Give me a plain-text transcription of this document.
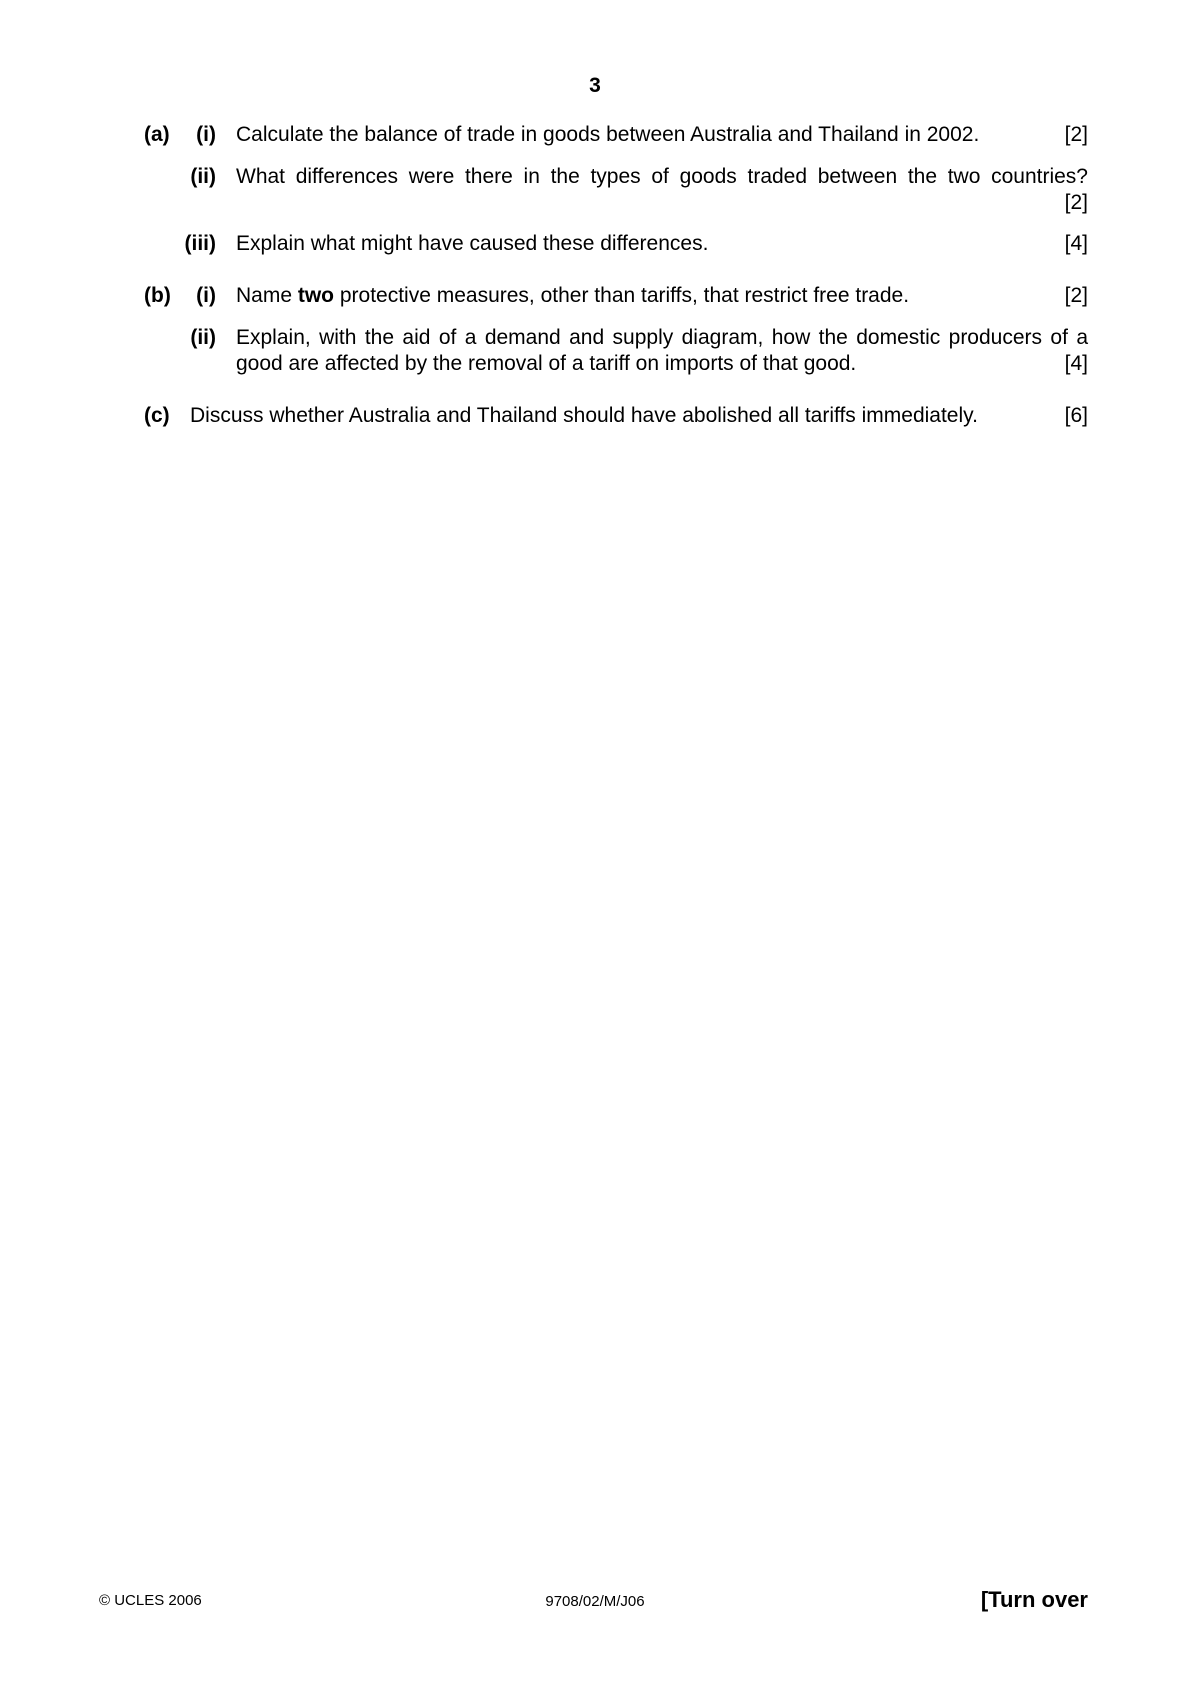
3
(a)	(i) Calculate the balance of trade in goods between Australia and Thailand in 2002.	[2]
(ii) What differences were there in the types of goods traded between the two countries?
[2]
(iii) Explain what might have caused these differences.	[4]
(b)	(i) Name two protective measures, other than tariffs, that restrict free trade.	[2]
(ii) Explain, with the aid of a demand and supply diagram, how the domestic producers of a
good are affected by the removal of a tariff on imports of that good.	[4]
(c) Discuss whether Australia and Thailand should have abolished all tariffs immediately.	[6]
© UCLES 2006	9708/02/M/J06	[Turn over
